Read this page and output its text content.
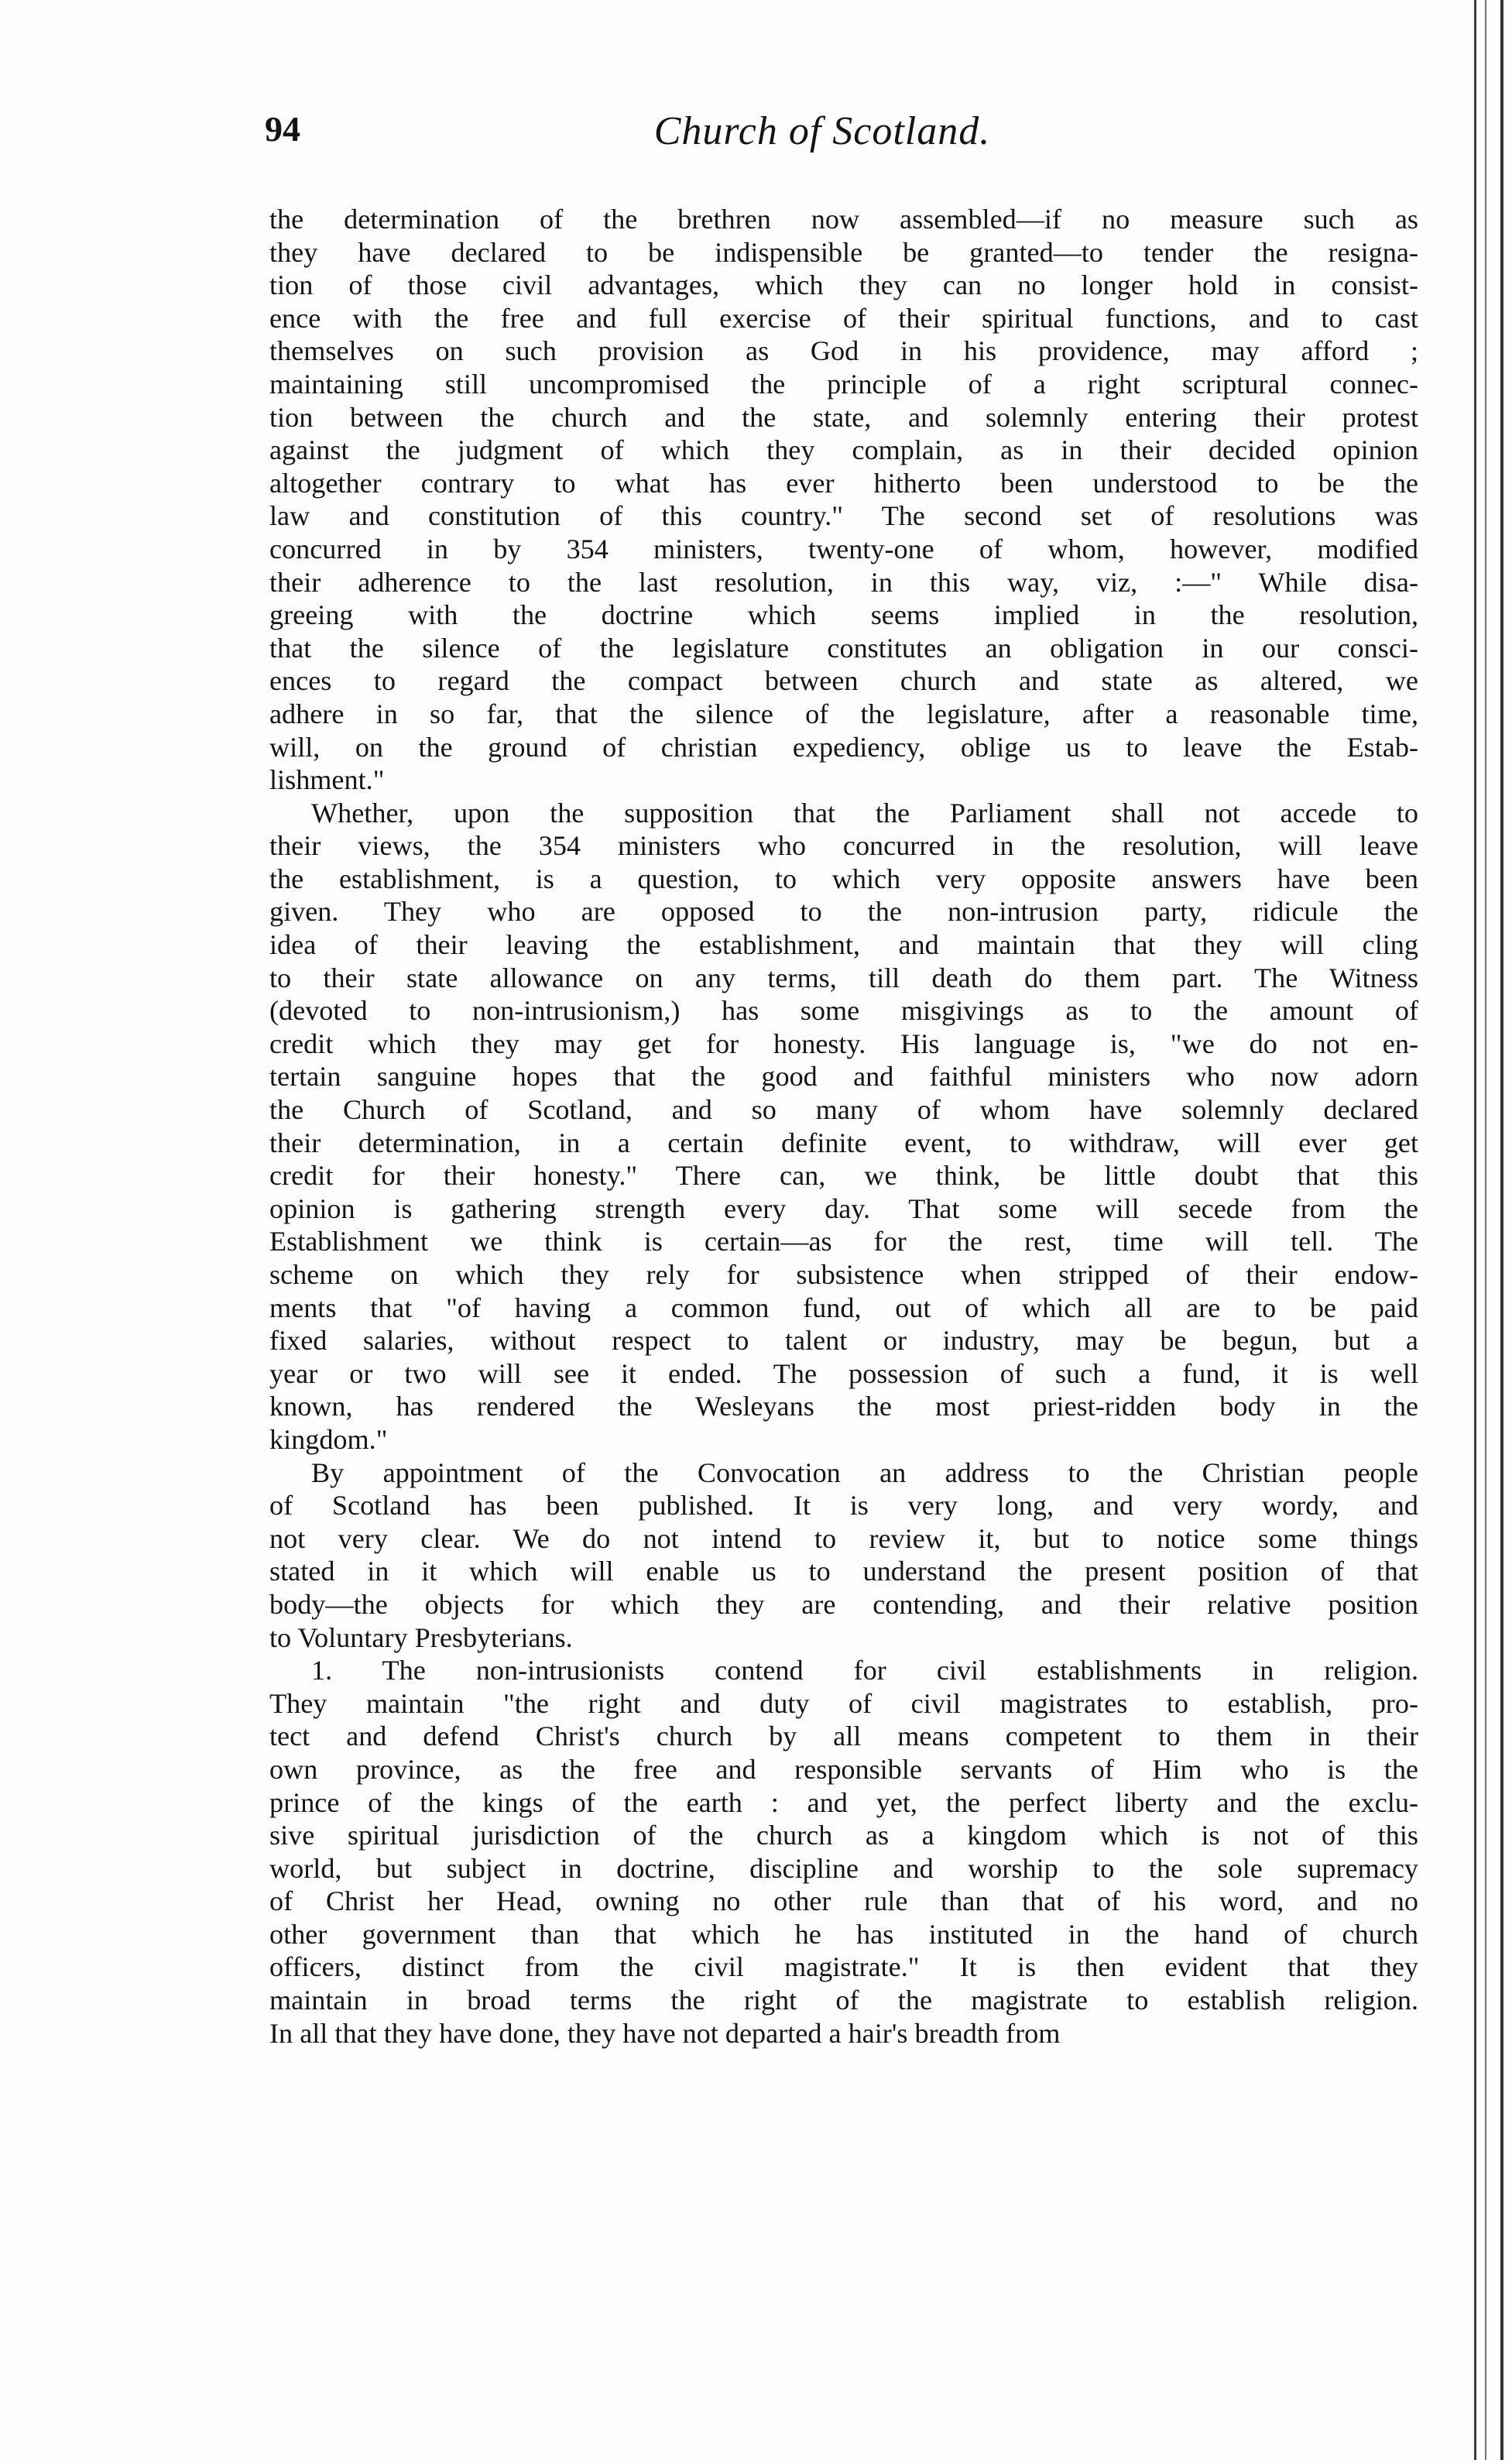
94	Church of Scotland.
the determination of the brethren now assembled—if no measure such as
they have declared to be indispensible be granted—to tender the resigna-
tion of those civil advantages, which they can no longer hold in consist-
ence with the free and full exercise of their spiritual functions, and to cast
themselves on such provision as God in his providence, may afford ;
maintaining still uncompromised the principle of a right scriptural connec-
tion between the church and the state, and solemnly entering their protest
against the judgment of which they complain, as in their decided opinion
altogether contrary to what has ever hitherto been understood to be the
law and constitution of this country." The second set of resolutions was
concurred in by 354 ministers, twenty-one of whom, however, modified
their adherence to the last resolution, in this way, viz, :—" While disa-
greeing with the doctrine which seems implied in the resolution,
that the silence of the legislature constitutes an obligation in our consci-
ences to regard the compact between church and state as altered, we
adhere in so far, that the silence of the legislature, after a reasonable time,
will, on the ground of christian expediency, oblige us to leave the Estab-
lishment."
Whether, upon the supposition that the Parliament shall not accede to
their views, the 354 ministers who concurred in the resolution, will leave
the establishment, is a question, to which very opposite answers have been
given. They who are opposed to the non-intrusion party, ridicule the
idea of their leaving the establishment, and maintain that they will cling
to their state allowance on any terms, till death do them part. The Witness
(devoted to non-intrusionism,) has some misgivings as to the amount of
credit which they may get for honesty. His language is, "we do not en-
tertain sanguine hopes that the good and faithful ministers who now adorn
the Church of Scotland, and so many of whom have solemnly declared
their determination, in a certain definite event, to withdraw, will ever get
credit for their honesty." There can, we think, be little doubt that this
opinion is gathering strength every day. That some will secede from the
Establishment we think is certain—as for the rest, time will tell. The
scheme on which they rely for subsistence when stripped of their endow-
ments that "of having a common fund, out of which all are to be paid
fixed salaries, without respect to talent or industry, may be begun, but a
year or two will see it ended. The possession of such a fund, it is well
known, has rendered the Wesleyans the most priest-ridden body in the
kingdom."
By appointment of the Convocation an address to the Christian people
of Scotland has been published. It is very long, and very wordy, and
not very clear. We do not intend to review it, but to notice some things
stated in it which will enable us to understand the present position of that
body—the objects for which they are contending, and their relative position
to Voluntary Presbyterians.
1. The non-intrusionists contend for civil establishments in religion.
They maintain "the right and duty of civil magistrates to establish, pro-
tect and defend Christ's church by all means competent to them in their
own province, as the free and responsible servants of Him who is the
prince of the kings of the earth : and yet, the perfect liberty and the exclu-
sive spiritual jurisdiction of the church as a kingdom which is not of this
world, but subject in doctrine, discipline and worship to the sole supremacy
of Christ her Head, owning no other rule than that of his word, and no
other government than that which he has instituted in the hand of church
officers, distinct from the civil magistrate." It is then evident that they
maintain in broad terms the right of the magistrate to establish religion.
In all that they have done, they have not departed a hair's breadth from
